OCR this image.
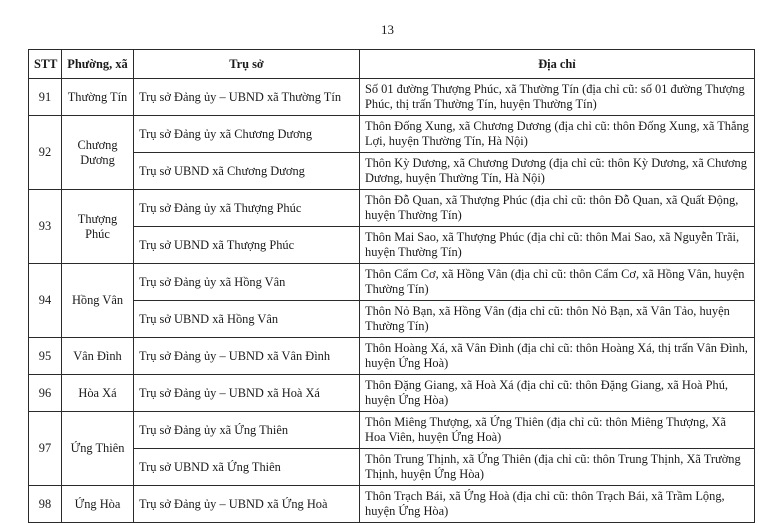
13
STT	Phường, xã	Trụ sở	Địa chỉ
91	Thường Tín	Trụ sở Đảng ủy – UBND xã Thường Tín	Số 01 đường Thượng Phúc, xã Thường Tín (địa chỉ cũ: số 01 đường Thượng Phúc, thị trấn Thường Tín, huyện Thường Tín)
92	Chương Dương	Trụ sở Đảng ủy xã Chương Dương	Thôn Đống Xung, xã Chương Dương (địa chỉ cũ: thôn Đống Xung, xã Thắng Lợi, huyện Thường Tín, Hà Nội)
		Trụ sở UBND xã Chương Dương	Thôn Kỳ Dương, xã Chương Dương (địa chỉ cũ: thôn Kỳ Dương, xã Chương Dương, huyện Thường Tín, Hà Nội)
93	Thượng Phúc	Trụ sở Đảng ủy xã Thượng Phúc	Thôn Đỗ Quan, xã Thượng Phúc (địa chỉ cũ: thôn Đỗ Quan, xã Quất Động, huyện Thường Tín)
		Trụ sở UBND xã Thượng Phúc	Thôn Mai Sao, xã Thượng Phúc (địa chỉ cũ: thôn Mai Sao, xã Nguyễn Trãi, huyện Thường Tín)
94	Hồng Vân	Trụ sở Đảng ủy xã Hồng Vân	Thôn Cẩm Cơ, xã Hồng Vân (địa chỉ cũ: thôn Cẩm Cơ, xã Hồng Vân, huyện Thường Tín)
		Trụ sở UBND xã Hồng Vân	Thôn Nỏ Bạn, xã Hồng Vân (địa chỉ cũ: thôn Nỏ Bạn, xã Vân Tảo, huyện Thường Tín)
95	Vân Đình	Trụ sở Đảng ủy – UBND xã Vân Đình	Thôn Hoàng Xá, xã Vân Đình (địa chỉ cũ: thôn Hoàng Xá, thị trấn Vân Đình, huyện Ứng Hoà)
96	Hòa Xá	Trụ sở Đảng ủy – UBND xã Hoà Xá	Thôn Đặng Giang, xã Hoà Xá (địa chỉ cũ: thôn Đặng Giang, xã Hoà Phú, huyện Ứng Hòa)
97	Ứng Thiên	Trụ sở Đảng ủy xã Ứng Thiên	Thôn Miêng Thượng, xã Ứng Thiên (địa chỉ cũ: thôn Miêng Thượng, Xã Hoa Viên, huyện Ứng Hoà)
		Trụ sở UBND xã Ứng Thiên	Thôn Trung Thịnh, xã Ứng Thiên (địa chỉ cũ: thôn Trung Thịnh, Xã Trường Thịnh, huyện Ứng Hòa)
98	Ứng Hòa	Trụ sở Đảng ủy – UBND xã Ứng Hoà	Thôn Trạch Bái, xã Ứng Hoà (địa chỉ cũ: thôn Trạch Bái, xã Trầm Lộng, huyện Ứng Hòa)
